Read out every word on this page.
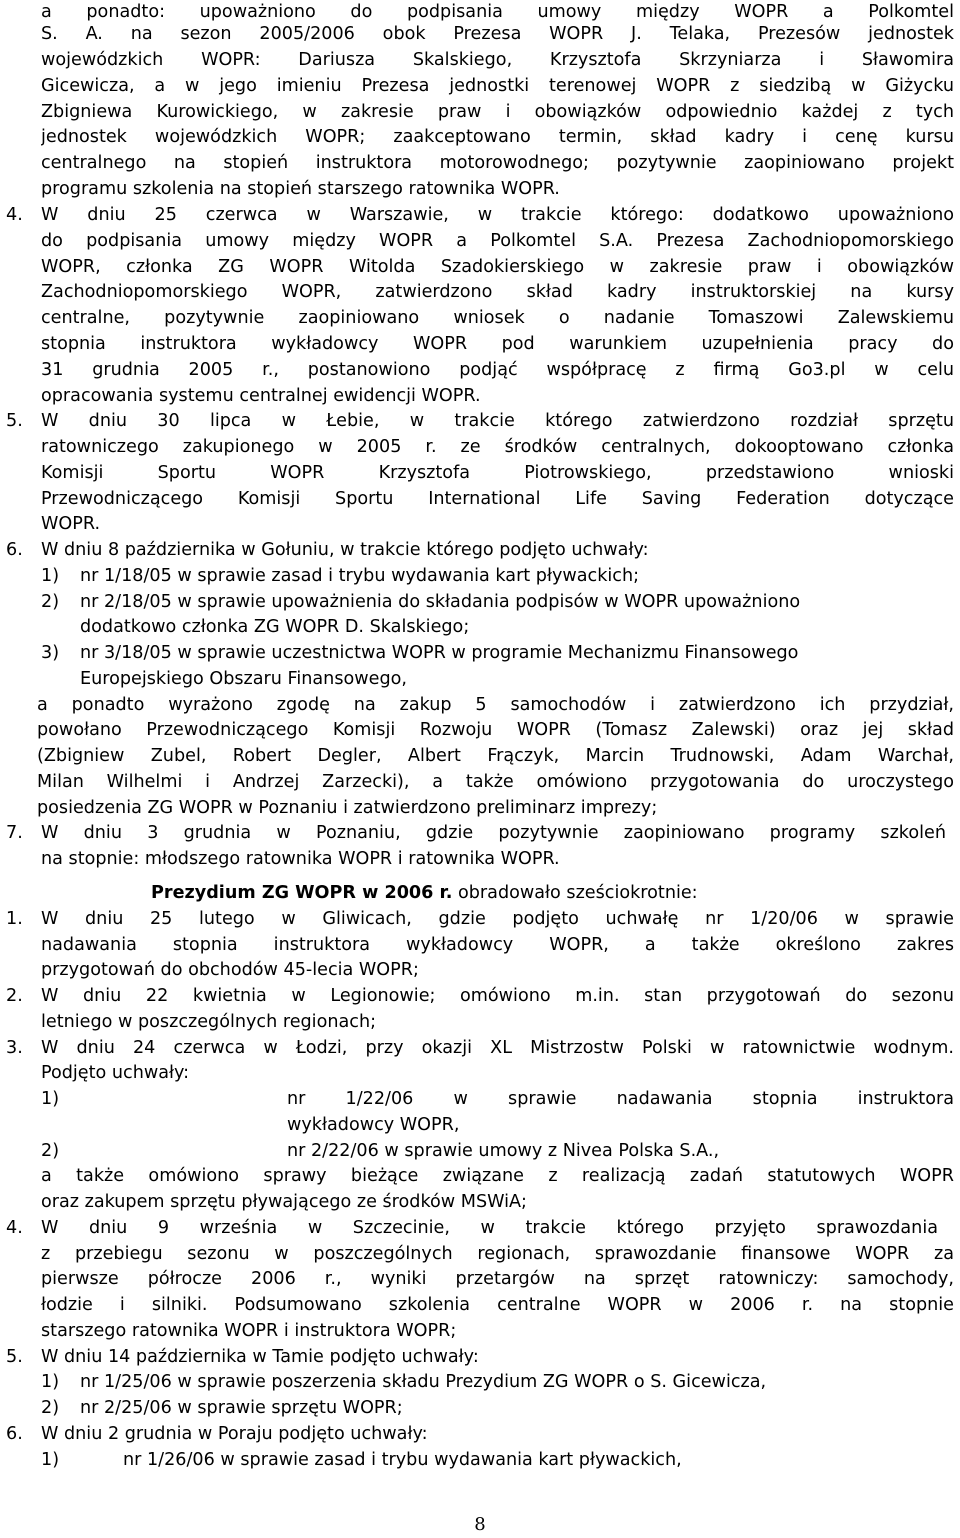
a ponadto: upoważniono do podpisania umowy między WOPR a Polkomtel
S. A. na sezon 2005/2006 obok Prezesa WOPR J. Telaka, Prezesów jednostek
wojewódzkich WOPR: Dariusza Skalskiego, Krzysztofa Skrzyniarza i Sławomira
Gicewicza, a w jego imieniu Prezesa jednostki terenowej WOPR z siedzibą w Giżycku
Zbigniewa Kurowickiego, w zakresie praw i obowiązków odpowiednio każdej z tych
jednostek wojewódzkich WOPR; zaakceptowano termin, skład kadry i cenę kursu
centralnego na stopień instruktora motorowodnego; pozytywnie zaopiniowano projekt
programu szkolenia na stopień starszego ratownika WOPR.
4. W dniu 25 czerwca w Warszawie, w trakcie którego: dodatkowo upoważniono
do podpisania umowy między WOPR a Polkomtel S.A. Prezesa Zachodniopomorskiego
WOPR, członka ZG WOPR Witolda Szadokierskiego w zakresie praw i obowiązków
Zachodniopomorskiego WOPR, zatwierdzono skład kadry instruktorskiej na kursy
centralne, pozytywnie zaopiniowano wniosek o nadanie Tomaszowi Zalewskiemu
stopnia instruktora wykładowcy WOPR pod warunkiem uzupełnienia pracy do
31 grudnia 2005 r., postanowiono podjąć współpracę z firmą Go3.pl w celu
opracowania systemu centralnej ewidencji WOPR.
5. W dniu 30 lipca w Łebie, w trakcie którego zatwierdzono rozdział sprzętu
ratowniczego zakupionego w 2005 r. ze środków centralnych, dokooptowano członka
Komisji Sportu WOPR Krzysztofa Piotrowskiego, przedstawiono wnioski
Przewodniczącego Komisji Sportu International Life Saving Federation dotyczące
WOPR.
6. W dniu 8 października w Gołuniu, w trakcie którego podjęto uchwały:
1) nr 1/18/05 w sprawie zasad i trybu wydawania kart pływackich;
2) nr 2/18/05 w sprawie upoważnienia do składania podpisów w WOPR upoważniono
dodatkowo członka ZG WOPR D. Skalskiego;
3) nr 3/18/05 w sprawie uczestnictwa WOPR w programie Mechanizmu Finansowego
Europejskiego Obszaru Finansowego,
a ponadto wyrażono zgodę na zakup 5 samochodów i zatwierdzono ich przydział,
powołano Przewodniczącego Komisji Rozwoju WOPR (Tomasz Zalewski) oraz jej skład
(Zbigniew Zubel, Robert Degler, Albert Frączyk, Marcin Trudnowski, Adam Warchał,
Milan Wilhelmi i Andrzej Zarzecki), a także omówiono przygotowania do uroczystego
posiedzenia ZG WOPR w Poznaniu i zatwierdzono preliminarz imprezy;
7. W dniu 3 grudnia w Poznaniu, gdzie pozytywnie zaopiniowano programy szkoleń
na stopnie: młodszego ratownika WOPR i ratownika WOPR.
Prezydium ZG WOPR w 2006 r. obradowało sześciokrotnie:
1. W dniu 25 lutego w Gliwicach, gdzie podjęto uchwałę nr 1/20/06 w sprawie
nadawania stopnia instruktora wykładowcy WOPR, a także określono zakres
przygotowań do obchodów 45-lecia WOPR;
2. W dniu 22 kwietnia w Legionowie; omówiono m.in. stan przygotowań do sezonu
letniego w poszczególnych regionach;
3. W dniu 24 czerwca w Łodzi, przy okazji XL Mistrzostw Polski w ratownictwie wodnym.
Podjęto uchwały:
1)	nr 1/22/06 w sprawie nadawania stopnia instruktora
wykładowcy WOPR,
2)	nr 2/22/06 w sprawie umowy z Nivea Polska S.A.,
a także omówiono sprawy bieżące związane z realizacją zadań statutowych WOPR
oraz zakupem sprzętu pływającego ze środków MSWiA;
4. W dniu 9 września w Szczecinie, w trakcie którego przyjęto sprawozdania
z przebiegu sezonu w poszczególnych regionach, sprawozdanie finansowe WOPR za
pierwsze półrocze 2006 r., wyniki przetargów na sprzęt ratowniczy: samochody,
łodzie i silniki. Podsumowano szkolenia centralne WOPR w 2006 r. na stopnie
starszego ratownika WOPR i instruktora WOPR;
5. W dniu 14 października w Tamie podjęto uchwały:
1) nr 1/25/06 w sprawie poszerzenia składu Prezydium ZG WOPR o S. Gicewicza,
2) nr 2/25/06 w sprawie sprzętu WOPR;
6. W dniu 2 grudnia w Poraju podjęto uchwały:
1)	nr 1/26/06 w sprawie zasad i trybu wydawania kart pływackich,
8
